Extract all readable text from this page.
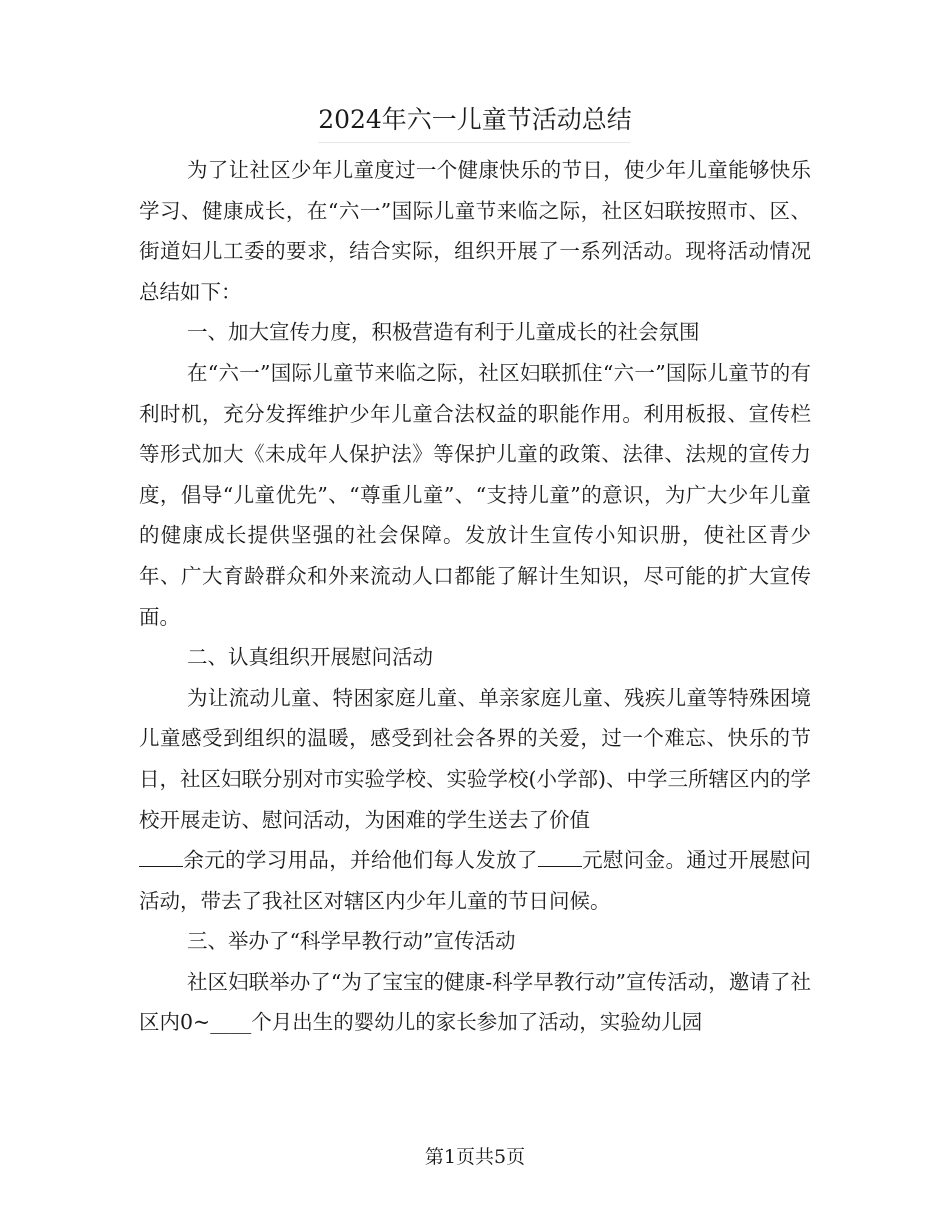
2024年六一儿童节活动总结

为了让社区少年儿童度过一个健康快乐的节日，使少年儿童能够快乐学习、健康成长，在“六一”国际儿童节来临之际，社区妇联按照市、区、街道妇儿工委的要求，结合实际，组织开展了一系列活动。现将活动情况总结如下：

一、加大宣传力度，积极营造有利于儿童成长的社会氛围

在“六一”国际儿童节来临之际，社区妇联抓住“六一”国际儿童节的有利时机，充分发挥维护少年儿童合法权益的职能作用。利用板报、宣传栏等形式加大《未成年人保护法》等保护儿童的政策、法律、法规的宣传力度，倡导“儿童优先”、“尊重儿童”、“支持儿童”的意识，为广大少年儿童的健康成长提供坚强的社会保障。发放计生宣传小知识册，使社区青少年、广大育龄群众和外来流动人口都能了解计生知识，尽可能的扩大宣传面。

二、认真组织开展慰问活动

为让流动儿童、特困家庭儿童、单亲家庭儿童、残疾儿童等特殊困境儿童感受到组织的温暖，感受到社会各界的关爱，过一个难忘、快乐的节日，社区妇联分别对市实验学校、实验学校(小学部)、中学三所辖区内的学校开展走访、慰问活动，为困难的学生送去了价值
余元的学习用品，并给他们每人发放了 元慰问金。通过开展慰问活动，带去了我社区对辖区内少年儿童的节日问候。

三、举办了“科学早教行动”宣传活动

社区妇联举办了“为了宝宝的健康-科学早教行动”宣传活动，邀请了社区内0~____个月出生的婴幼儿的家长参加了活动，实验幼儿园

第1页共5页
